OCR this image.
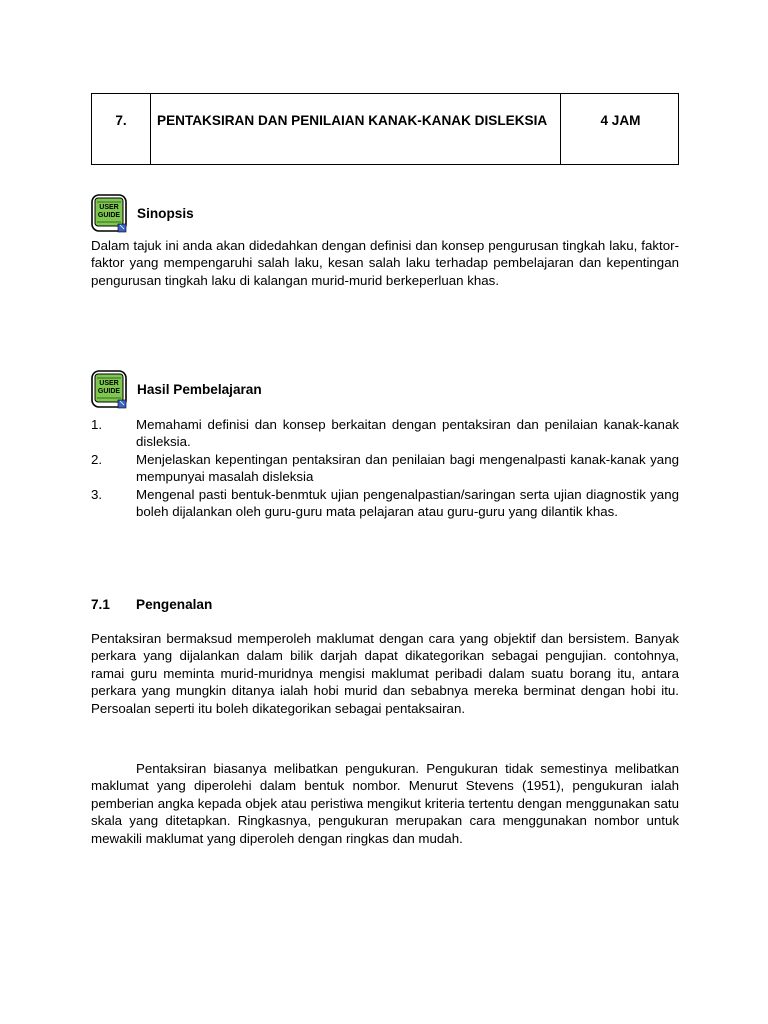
7.	PENTAKSIRAN DAN PENILAIAN KANAK-KANAK DISLEKSIA	4 JAM
USER
GUIDE Sinopsis
Dalam tajuk ini anda akan didedahkan dengan definisi dan konsep pengurusan tingkah laku, faktor-faktor yang mempengaruhi salah laku, kesan salah laku terhadap pembelajaran dan kepentingan pengurusan tingkah laku di kalangan murid-murid berkeperluan khas.
USER
GUIDE Hasil Pembelajaran
1.	Memahami definisi dan konsep berkaitan dengan pentaksiran dan penilaian kanak-kanak disleksia.
2.	Menjelaskan kepentingan pentaksiran dan penilaian bagi mengenalpasti kanak-kanak yang mempunyai masalah disleksia
3.	Mengenal pasti bentuk-benmtuk ujian pengenalpastian/saringan serta ujian diagnostik yang boleh dijalankan oleh guru-guru mata pelajaran atau guru-guru yang dilantik khas.
7.1	Pengenalan
Pentaksiran bermaksud memperoleh maklumat dengan cara yang objektif dan bersistem. Banyak perkara yang dijalankan dalam bilik darjah dapat dikategorikan sebagai pengujian. contohnya, ramai guru meminta murid-muridnya mengisi maklumat peribadi dalam suatu borang itu, antara perkara yang mungkin ditanya ialah hobi murid dan sebabnya mereka berminat dengan hobi itu. Persoalan seperti itu boleh dikategorikan sebagai pentaksairan.
Pentaksiran biasanya melibatkan pengukuran. Pengukuran tidak semestinya melibatkan maklumat yang diperolehi dalam bentuk nombor. Menurut Stevens (1951), pengukuran ialah pemberian angka kepada objek atau peristiwa mengikut kriteria tertentu dengan menggunakan satu skala yang ditetapkan. Ringkasnya, pengukuran merupakan cara menggunakan nombor untuk mewakili maklumat yang diperoleh dengan ringkas dan mudah.
